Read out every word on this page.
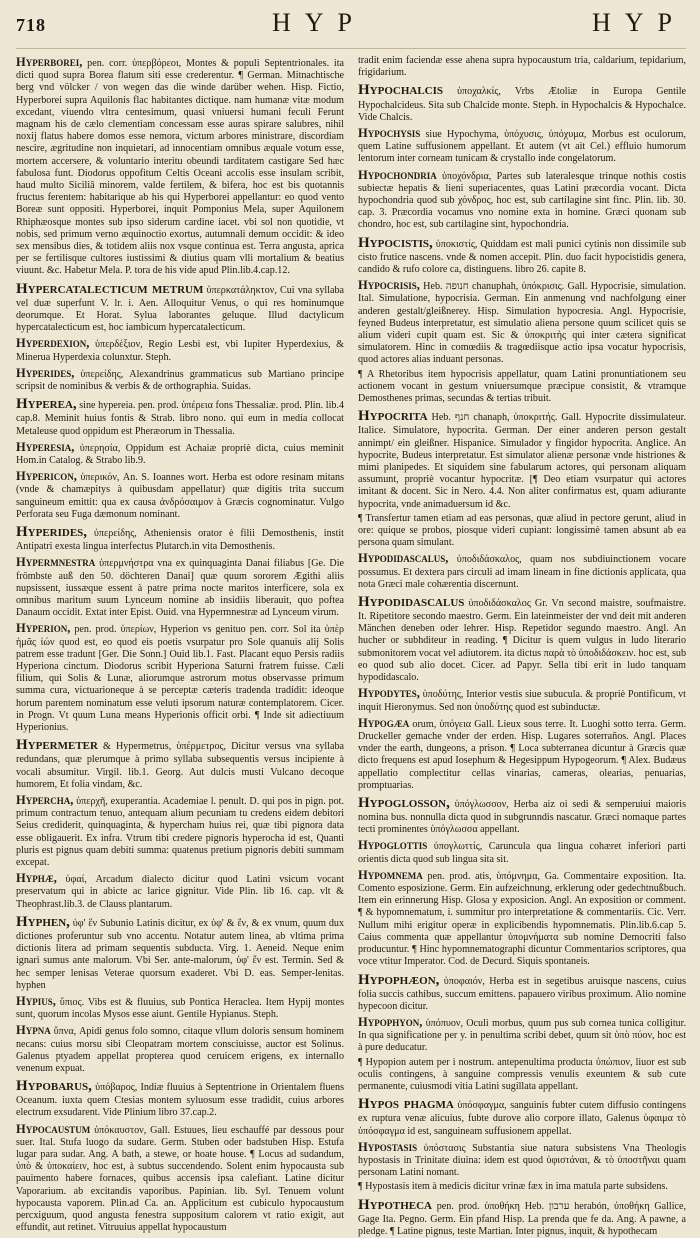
718	HYP	HYP

Hyperborei, pen. corr. ὑπερβόρεοι, Montes & populi Septentrionales. ita dicti quod supra Borea flatum siti esse crederentur. ¶ German. Mitnachtische berg vnd völcker / von wegen das die winde darüber wehen. Hisp. Fictio, Hyperborei supra Aquilonis flac habitantes dictique. nam humanæ vitæ modum excedant, viuendo vltra centesimum, quasi vniuersi humani feculi Ferunt magnam his de cælo clementiam concessam esse auras spirare salubres, nihil noxij flatus habere domos esse nemora, victum arbores ministrare, discordiam nescire, ægritudine non inquietari, ad innocentiam omnibus æquale votum esse, mortem accersere, & voluntario interitu obeundi tarditatem castigare Sed hæc fabulosa funt. Diodorus oppofitum Celtis Oceani accolis esse insulam scribit, haud multo Siciliâ minorem, valde fertilem, & bifera, hoc est bis quotannis fructus ferentem: habitarique ab his qui Hyperborei appellantur: eo quod vento Boreæ sunt oppositi. Hyperborei, inquit Pomponius Mela, super Aquilonem Rhiphæosque montes sub ipso siderum cardine iacet. vbi sol non quotidie, vt nobis, sed primum verno æquinoctio exortus, autumnali demum occidit: & ideo sex mensibus dies, & totidem aliis nox vsque continua est. Terra angusta, aprica per se fertilisque cultores iustissimi & diutius quam vlli mortalium & beatius viuunt. &c. Habetur Mela. P. tora de his vide apud Plin.lib.4.cap.12.

Hypercatalecticum metrum ὑπερκατάληκτον, Cui vna syllaba vel duæ superfunt V. lr. i. Aen. Alloquitur Venus, o qui res hominumque deorumque. Et Horat. Sylua laborantes geluque. Illud dactylicum hypercatalecticum est, hoc iambicum hypercatalecticum.

Hyperdexion, ὑπερδέξιον, Regio Lesbi est, vbi Iupiter Hyperdexius, & Minerua Hyperdexia colunxtur. Steph.

Hyperides, ὑπερείδης, Alexandrinus grammaticus sub Martiano principe scripsit de nominibus & verbis & de orthographia. Suidas.

Hyperea, sine hypereia. pen. prod. ὑπέρεια fons Thessaliæ. prod. Plin. lib.4 cap.8. Meminit huius fontis & Strab. libro nono. qui eum in media collocat Metaleuse quod oppidum est Pheræorum in Thessalia.

Hyperesia, ὑπερησία, Oppidum est Achaiæ propriè dicta, cuius meminit Hom.in Catalog. & Strabo lib.9.

Hypericon, ὑπερικόν, An. S. Ioannes wort. Herba est odore resinam mitans (vnde & chamæpitys à quibusdam appellatur) quæ digitis trita succum sanguineum emittit: qua ex causa ἀνδρόσαιμον à Græcis cognominatur. Vulgo Perforata seu Fuga dæmonum nominant.

Hyperides, ὑπερείδης, Atheniensis orator è filii Demosthenis, instit Antipatri exesta lingua interfectus Plutarch.in vita Demosthenis.

Hypermnestra ὑπερμνήστρα vna ex quinquaginta Danai filiabus [Ge. Die frömbste auß den 50. döchteren Danai] quæ quum sororem Ægithi aliis nupsissent, iussæque essent à patre prima nocte maritos interficere, sola ex omnibus maritum suum Lynceum nomine ab insidiis liberauit, quo poftea Danaum occidit. Extat inter Epist. Ouid. vna Hypermnestræ ad Lynceum virum.

Hyperion, pen. prod. ὑπερίων, Hyperion vs genituo pen. corr. Sol ita ὑπὲρ ἡμᾶς ἰών quod est, eo quod eis poetis vsurpatur pro Sole quanuis alij Solis patrem esse tradunt [Ger. Die Sonn.] Ouid lib.1. Fast. Placant equo Persis radiis Hyperiona cinctum. Diodorus scribit Hyperiona Saturni fratrem fuisse. Cæli filium, qui Solis & Lunæ, aliorumque astrorum motus observasse primum summa cura, victuarioneque à se perceptæ cæteris tradenda tradidit: ideoque horum parentem nominatum esse veluti ipsorum naturæ contemplatorem. Cicer. in Progn. Vt quum Luna means Hyperionis officit orbi. ¶ Inde sit adiectiuum Hyperionius.

Hypermeter & Hypermetrus, ὑπέρμετρος, Dicitur versus vna syllaba redundans, quæ plerumque à primo syllaba subsequentis versus incipiente à vocali absumitur. Virgil. lib.1. Georg. Aut dulcis musti Vulcano decoque humorem, Et folia vindam, &c.

Hypercha, ὑπερχῆ, exuperantia. Academiae l. penult. D. qui pos in pign. pot. primum contractum tenuo, antequam alium pecuniam tu credens eidem debitori Seius crediderit, quinquaginta, & hypercham huius rei, quæ tibi pignora data esse obligauerit. Ex infra. Vtrum tibi credere pignoris hyperocha id est, Quanti pluris est pignus quam debiti summa: quatenus pretium pignoris debiti summam excepat.

Hyphæ, ὑφαί, Arcadum dialecto dicitur quod Latini vsicum vocant preservatum qui in abicte ac larice gignitur. Vide Plin. lib 16. cap. vlt & Theophrast.lib.3. de Clauss plantarum.

Hyphen, ὑφ' ἕν Subunio Latinis dicitur, ex ὑφ' & ἕν, & ex vnum, quum dux dictiones proferuntur sub vno accentu. Notatur autem linea, ab vltima prima dictionis litera ad primam sequentis subducta. Virg. 1. Aeneid. Neque enim ignari sumus ante malorum. Vbi Ser. ante-malorum, ὑφ' ἕν est. Termin. Sed & hec semper lenisas Veterae quorsum exaderet. Vbi D. eas. Semper-lenitas. hyphen

Hypius, ὕπιος. Vibs est & fluuius, sub Pontica Heraclea. Item Hypij montes sunt, quorum incolas Mysos esse aiunt. Gentile Hypianus. Steph.

Hypna ὕπνα, Apidi genus folo somno, citaque vllum doloris sensum hominem necans: cuius morsu sibi Cleopatram mortem consciuisse, auctor est Solinus. Galenus ptyadem appellat propterea quod ceruicem erigens, ex internallo venenum expuat.

Hypobarus, ὑπόβαρος, Indiæ fluuius à Septentrione in Orientalem fluens Oceanum. iuxta quem Ctesias montem syluosum esse tradidit, cuius arbores electrum exsudarent. Vide Plinium libro 37.cap.2.

Hypocaustum ὑπόκαυστον, Gall. Estuues, lieu eschauffé par dessous pour suer. Ital. Stufa luogo da sudare. Germ. Stuben oder badstuben Hisp. Estufa lugar para sudar. Ang. A bath, a stewe, or hoate house. ¶ Locus ad sudandum, ὑπὸ & ὑποκαίειν, hoc est, à subtus succendendo. Solent enim hypocausta sub pauimento habere fornaces, quibus accensis ipsa calefiant. Latine dicitur Vaporarium. ab excitandis vaporibus. Papinian. lib. Syl. Tenuem volunt hypocausta vaporem. Plin.ad Ca. an. Applicitum est cubiculo hypocaustum percxiguum, quod angusta fenestra suppositum calorem vt ratio exigit, aut effundit, aut retinet. Vitruuius appellat hypocaustum

tradit enim faciendæ esse ahena supra hypocaustum tria, caldarium, tepidarium, frigidarium.

Hypochalcis ὑποχαλκίς, Vrbs Ætoliæ in Europa Gentile Hypochalcideus. Sita sub Chalcide monte. Steph. in Hypochalcis & Hypochalce. Vide Chalcis.

Hypochysis siue Hypochyma, ὑπόχυσις, ὑπόχυμα, Morbus est oculorum, quem Latine suffusionem appellant. Et autem (vt ait Cel.) effluio humorum lentorum inter corneam tunicam & crystallo inde congelatorum.

Hypochondria ὑποχόνδρια, Partes sub lateralesque trinque nothis costis subiectæ hepatis & lieni superiacentes, quas Latini præcordia vocant. Dicta hypochondria quod sub χόνδρος, hoc est, sub cartilagine sint finc. Plin. lib. 30. cap. 3. Præcordia vocamus vno nomine exta in homine. Græci quonam sub chondro, hoc est, sub cartilagine sint, hypochondria.

Hypocistis, ὑποκιστίς, Quiddam est mali punici cytinis non dissimile sub cisto frutice nascens. vnde & nomen accepit. Plin. duo facit hypocistidis genera, candido & rufo colore ca, distinguens. libro 26. capite 8.

Hypocrisis, Heb. חנופה chanuphah, ὑπόκρισις. Gall. Hypocrisie, simulation. Ital. Simulatione, hypocrisia. German. Ein anmenung vnd nachfolgung einer anderen gestalt/gleißnerey. Hisp. Simulation hypocresia. Angl. Hypocrisie, feyned Budeus interpretatur, est simulatio aliena persone quum scilicet quis se alium videri cupit quam est. Sic & ὑποκριτὴς qui inter cætera significat simulatorem. Hinc in comœdiis & tragœdiisque actio ipsa vocatur hypocrisis, quod actores alias induant personas.

¶ A Rhetoribus item hypocrisis appellatur, quam Latini pronuntiationem seu actionem vocant in gestum vniuersumque præcipue consistit, & vtramque Demosthenes primas, secundas & tertias tribuit.

Hypocrita Heb. חנף chanaph, ὑποκριτής. Gall. Hypocrite dissimulateur. Italice. Simulatore, hypocrita. German. Der einer anderen person gestalt annimpt/ ein gleißner. Hispanice. Simulador y fingidor hypocrita. Anglice. An hypocrite, Budeus interpretatur. Est simulator alienæ personæ vnde histriones & mimi planipedes. Et siquidem sine fabularum actores, qui personam aliquam assumunt, propriè vocantur hypocritæ. [¶ Deo etiam vsurpatur qui actores imitant & docent. Sic in Nero. 4.4. Non aliter confirmatus est, quam adiurante hypocrita, vnde animaduersum id &c.

¶ Transfertur tamen etiam ad eas personas, quæ aliud in pectore gerunt, aliud in ore: quique se probos, piosque videri cupiant: longissimè tamen absunt ab ea persona quam simulant.

Hypodidascalus, ὑποδιδάσκαλος, quam nos subdiuinctionem vocare possumus. Et dextera pars circuli ad imam lineam in fine dictionis applicata, qua nota Græci male cohærentia discernunt.

Hypodidascalus ὑποδιδάσκαλος Gr. Vn second maistre, soufmaistre. It. Ripetitore secondo maestro. Germ. Ein lateinmeister der vnd deit mit anderen Mänchen deneben oder lehrer. Hisp. Repetidor segundo maestro. Angl. An hucher or subhditeur in reading. ¶ Dicitur is quem vulgus in ludo literario submonitorem vocat vel adiutorem. ita dictus παρὰ τὸ ὑποδιδάσκειν. hoc est, sub eo quod sub alio docet. Cicer. ad Papyr. Sella tibi erit in ludo tanquam hypodidascalo.

Hypodytes, ὑποδύτης, Interior vestis siue subucula. & propriè Pontificum, vt inquit Hieronymus. Sed non ὑποδύτης quod est subinductæ.

Hypogæa orum, ὑπόγεια Gall. Lieux sous terre. It. Luoghi sotto terra. Germ. Druckeller gemache vnder der erden. Hisp. Lugares soterraños. Angl. Places vnder the earth, dungeons, a prison. ¶ Loca subterranea dicuntur à Græcis quæ dicto frequens est apud Iosephum & Hegesippum Hypogeorum. ¶ Alex. Budæus appellatio complectitur cellas vinarias, cameras, olearias, penuarias, promptuarias.

Hypoglosson, ὑπόγλωσσον, Herba aiz oi sedi & semperuiui maioris nomina bus. nonnulla dicta quod in subgrunndis nascatur. Græci nomaque partes tecti prominentes ὑπόγλωσσα appellant.

Hypoglottis ὑπογλωττίς, Caruncula qua lingua cohæret inferiori parti orientis dicta quod sub lingua sita sit.

Hypomnema pen. prod. atis, ὑπόμνημα, Ga. Commentaire exposition. Ita. Comento esposizione. Germ. Ein aufzeichnung, erklerung oder gedechtnußbuch. Item ein erinnerung Hisp. Glosa y exposicion. Angl. An exposition or comment. ¶ & hypomnematum, i. summitur pro interpretatione & commentariis. Cic. Verr. Nullum mihi erigitur operæ in explicibendis hypomnematis. Plin.lib.6.cap 5. Caius commenta quæ appellantur ὑπομνήματα sub nomine Democriti falso producuntur. ¶ Hinc hypomnematographi dicuntur Commentarios scriptores, qua voce vtitur Imperator. Cod. de Decurd. Siquis spontaneis.

Hypophæon, ὑποφαιόν, Herba est in segetibus aruisque nascens, cuius folia succis cathibus, succum emittens. papauero viribus proximum. Alio nomine hypecoon dicitur.

Hypophyon, ὑπόπυον, Oculi morbus, quum pus sub cornea tunica colligitur. In qua significatione per y. in penultima scribi debet, quum sit ὑπὸ πύον, hoc est à pure deducatur.

¶ Hypopion autem per i nostrum. antepenultima producta ὑπώπιον, liuor est sub oculis contingens, à sanguine compressis venulis exeuntem & sub cute permanente, cuiusmodi vitia Latini sugillata appellant.

Hypos phagma ὑπόσφαγμα, sanguinis fubter cutem diffusio contingens ex ruptura venæ alicuius, fubte durove alio corpore illato, Galenus ὑφαιμα τὸ ὑπόσφαγμα id est, sanguineam suffusionem appellat.

Hypostasis ὑπόστασις Substantia siue natura subsistens Vna Theologis hypostasis in Trinitate diuina: idem est quod ὑφιστάναι, & τὸ ὑποστῆναι quam personam Latini nomant.

¶ Hypostasis item à medicis dicitur vrinæ fæx in ima matula parte subsidens.

Hypotheca pen. prod. ὑποθήκη Heb. ערבון herabón, ὑποθήκη Gallice, Gage Ita. Pegno. Germ. Ein pfand Hisp. La prenda que fe da. Ang. A pawne, a pledge. ¶ Latine pignus, teste Martian. Inter pignus, inquit, & hypothecam
